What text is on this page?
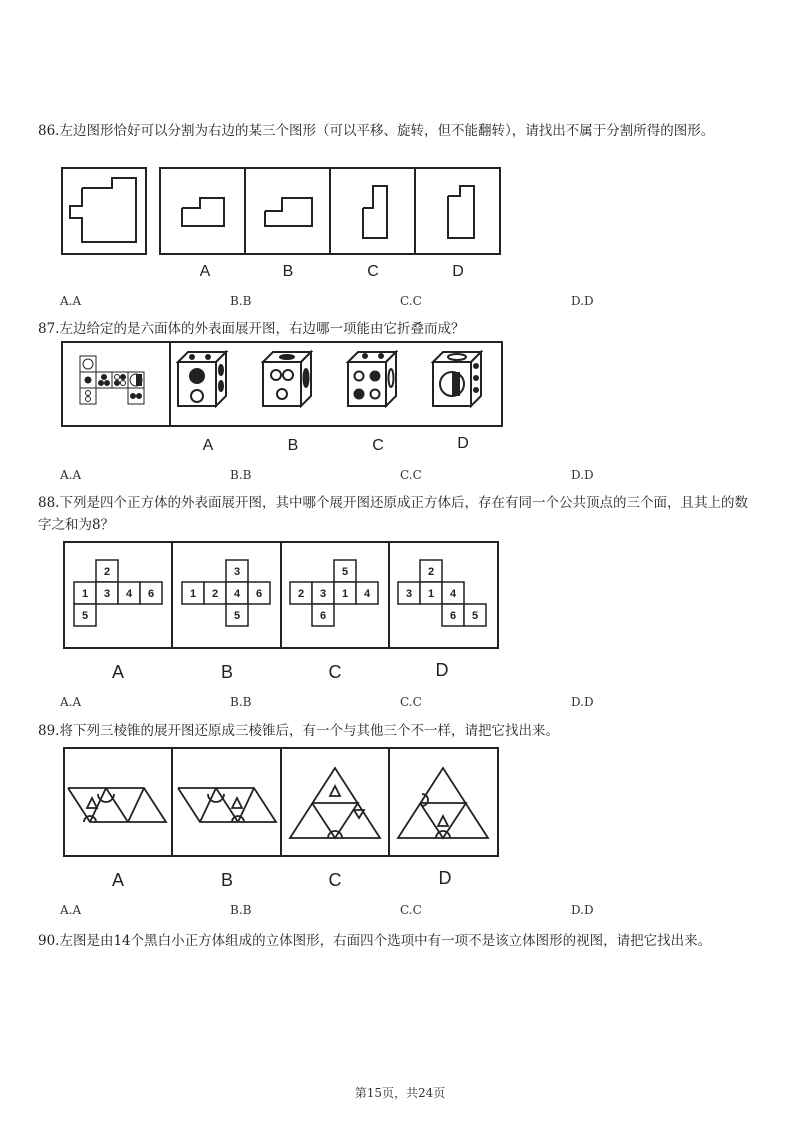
86.左边图形恰好可以分割为右边的某三个图形（可以平移、旋转，但不能翻转），请找出不属于分割所得的图形。

A	B	C	D
A.A	B.B	C.C	D.D

87.左边给定的是六面体的外表面展开图，右边哪一项能由它折叠而成？

A	B	C	D
A.A	B.B	C.C	D.D

88.下列是四个正方体的外表面展开图，其中哪个展开图还原成正方体后，存在有同一个公共顶点的三个面，且其上的数字之和为8？

2
1 3 4 6
5
3
1 2 4 6
5
5
2 3 1 4
6
2
3 1 4
6 5
A	B	C	D
A.A	B.B	C.C	D.D

89.将下列三棱锥的展开图还原成三棱锥后，有一个与其他三个不一样，请把它找出来。

A	B	C	D
A.A	B.B	C.C	D.D

90.左图是由14个黑白小正方体组成的立体图形，右面四个选项中有一项不是该立体图形的视图，请把它找出来。

第15页，共24页
